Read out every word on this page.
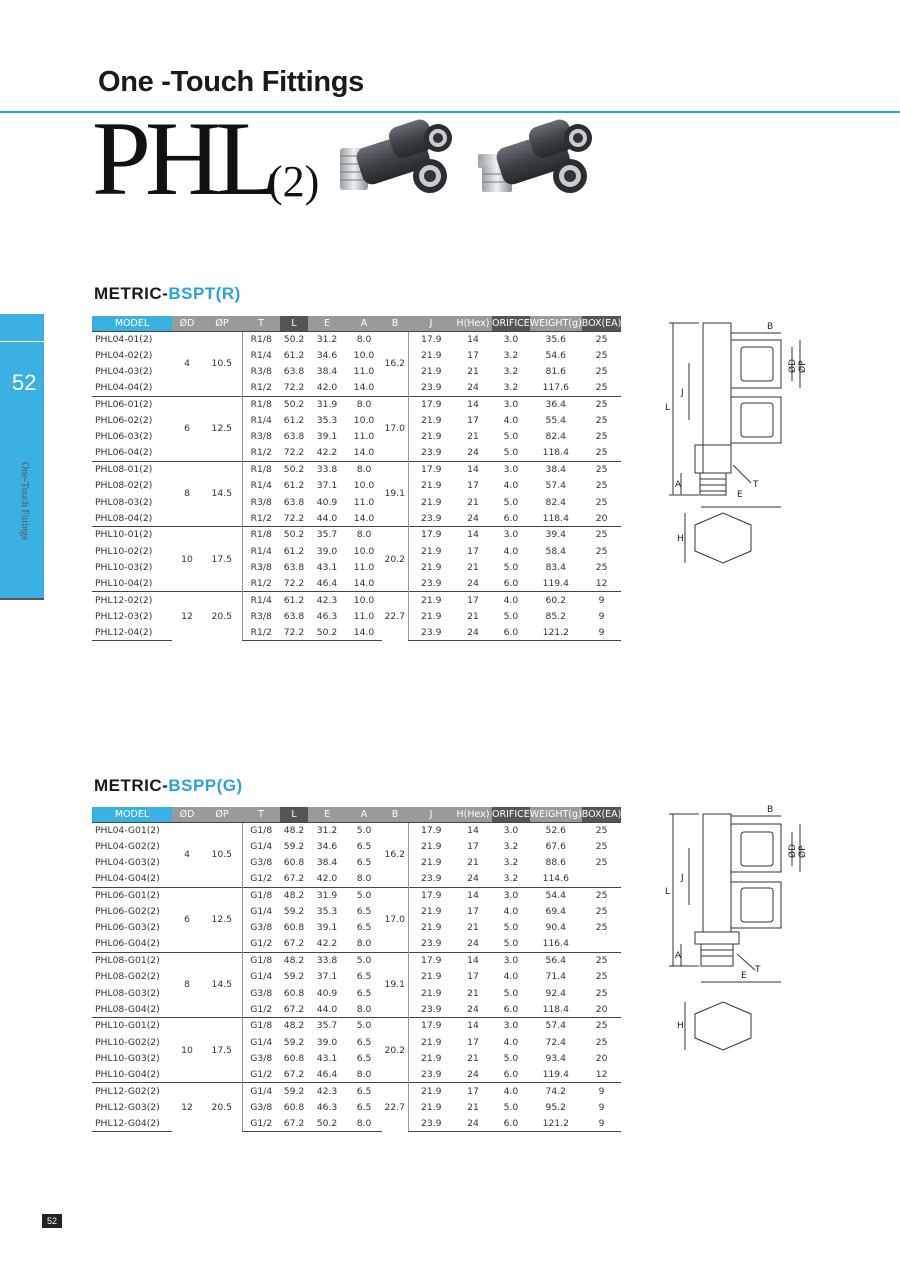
One -Touch Fittings
PHL
(2)
52
One-Touch Fittings
METRIC-BSPT(R)
MODEL	ØD	ØP	T	L	E	A	B	J	H(Hex)	ORIFICE	WEIGHT(g)	BOX(EA)
PHL04-01(2)	4	10.5	R1/8	50.2	31.2	8.0	16.2	17.9	14	3.0	35.6	25
PHL04-02(2)			R1/4	61.2	34.6	10.0		21.9	17	3.2	54.6	25
PHL04-03(2)			R3/8	63.8	38.4	11.0		21.9	21	3.2	81.6	25
PHL04-04(2)			R1/2	72.2	42.0	14.0		23.9	24	3.2	117.6	25
PHL06-01(2)	6	12.5	R1/8	50.2	31.9	8.0	17.0	17.9	14	3.0	36.4	25
PHL06-02(2)			R1/4	61.2	35.3	10.0		21.9	17	4.0	55.4	25
PHL06-03(2)			R3/8	63.8	39.1	11.0		21.9	21	5.0	82.4	25
PHL06-04(2)			R1/2	72.2	42.2	14.0		23.9	24	5.0	118.4	25
PHL08-01(2)	8	14.5	R1/8	50.2	33.8	8.0	19.1	17.9	14	3.0	38.4	25
PHL08-02(2)			R1/4	61.2	37.1	10.0		21.9	17	4.0	57.4	25
PHL08-03(2)			R3/8	63.8	40.9	11.0		21.9	21	5.0	82.4	25
PHL08-04(2)			R1/2	72.2	44.0	14.0		23.9	24	6.0	118.4	20
PHL10-01(2)	10	17.5	R1/8	50.2	35.7	8.0	20.2	17.9	14	3.0	39.4	25
PHL10-02(2)			R1/4	61.2	39.0	10.0		21.9	17	4.0	58.4	25
PHL10-03(2)			R3/8	63.8	43.1	11.0		21.9	21	5.0	83.4	25
PHL10-04(2)			R1/2	72.2	46.4	14.0		23.9	24	6.0	119.4	12
PHL12-02(2)	12	20.5	R1/4	61.2	42.3	10.0	22.7	21.9	17	4.0	60.2	9
PHL12-03(2)			R3/8	63.8	46.3	11.0		21.9	21	5.0	85.2	9
PHL12-04(2)			R1/2	72.2	50.2	14.0		23.9	24	6.0	121.2	9
B
ØD ØP
J
L
A	T
E
H
METRIC-BSPP(G)
MODEL	ØD	ØP	T	L	E	A	B	J	H(Hex)	ORIFICE	WEIGHT(g)	BOX(EA)
PHL04-G01(2)	4	10.5	G1/8	48.2	31.2	5.0	16.2	17.9	14	3.0	52.6	25
PHL04-G02(2)			G1/4	59.2	34.6	6.5		21.9	17	3.2	67.6	25
PHL04-G03(2)			G3/8	60.8	38.4	6.5		21.9	21	3.2	88.6	25
PHL04-G04(2)			G1/2	67.2	42.0	8.0		23.9	24	3.2	114.6	
PHL06-G01(2)	6	12.5	G1/8	48.2	31.9	5.0	17.0	17.9	14	3.0	54.4	25
PHL06-G02(2)			G1/4	59.2	35.3	6.5		21.9	17	4.0	69.4	25
PHL06-G03(2)			G3/8	60.8	39.1	6.5		21.9	21	5.0	90.4	25
PHL06-G04(2)			G1/2	67.2	42.2	8.0		23.9	24	5.0	116.4	
PHL08-G01(2)	8	14.5	G1/8	48.2	33.8	5.0	19.1	17.9	14	3.0	56.4	25
PHL08-G02(2)			G1/4	59.2	37.1	6.5		21.9	17	4.0	71.4	25
PHL08-G03(2)			G3/8	60.8	40.9	6.5		21.9	21	5.0	92.4	25
PHL08-G04(2)			G1/2	67.2	44.0	8.0		23.9	24	6.0	118.4	20
PHL10-G01(2)	10	17.5	G1/8	48.2	35.7	5.0	20.2	17.9	14	3.0	57.4	25
PHL10-G02(2)			G1/4	59.2	39.0	6.5		21.9	17	4.0	72.4	25
PHL10-G03(2)			G3/8	60.8	43.1	6.5		21.9	21	5.0	93.4	20
PHL10-G04(2)			G1/2	67.2	46.4	8.0		23.9	24	6.0	119.4	12
PHL12-G02(2)	12	20.5	G1/4	59.2	42.3	6.5	22.7	21.9	17	4.0	74.2	9
PHL12-G03(2)			G3/8	60.8	46.3	6.5		21.9	21	5.0	95.2	9
PHL12-G04(2)			G1/2	67.2	50.2	8.0		23.9	24	6.0	121.2	9
B
ØD ØP
J
L
A
T
E
H
52
